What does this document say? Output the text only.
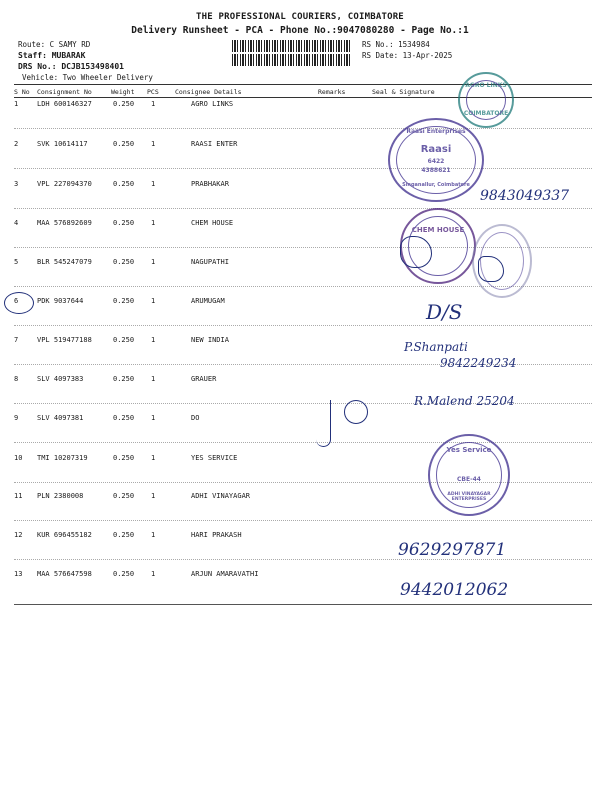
THE PROFESSIONAL COURIERS, COIMBATORE
Delivery Runsheet - PCA - Phone No.:9047080280 - Page No.:1
Route: C SAMY RD
Staff: MUBARAK
DRS No.: DCJB153498401
Vehicle: Two Wheeler Delivery
RS No.: 1534984
RS Date: 13-Apr-2025
S No Consignment No	Weight PCS	Consignee Details	Remarks	Seal & Signature
1	LDH 600146327	0.250 1	AGRO LINKS
2	SVK 10614117	0.250 1	RAASI ENTER
3	VPL 227094370	0.250 1	PRABHAKAR
4	MAA 576892609	0.250 1	CHEM HOUSE
5	BLR 545247079	0.250 1	NAGUPATHI
6	PDK 9037644	0.250 1	ARUMUGAM
7	VPL 519477188	0.250 1	NEW INDIA
8	SLV 4097383	0.250 1	GRAUER
9	SLV 4097381	0.250 1	DO
10 TMI 10207319	0.250 1	YES SERVICE
11 PLN 2380008	0.250 1	ADHI VINAYAGAR
12 KUR 696455182	0.250 1	HARI PRAKASH
13 MAA 576647598	0.250 1	ARJUN AMARAVATHI
AGRO LINKS
COIMBATORE
Raasi Enterprises
Raasi
6422
4388621
Singanallur, Coimbatore
CHEM HOUSE
Yes Service
CBE-44
ADHI VINAYAGAR ENTERPRISES
9843049337
D/S
P.Shanpati
9842249234
R.Malend 25204
9629297871
9442012062
